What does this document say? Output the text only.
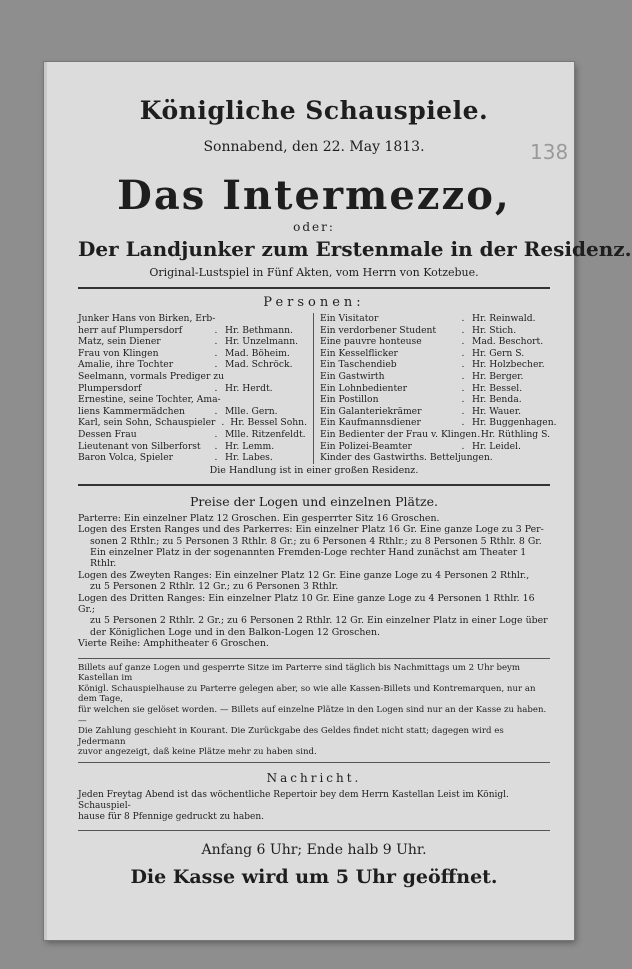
138
Königliche Schauspiele.
Sonnabend, den 22. May 1813.
Das Intermezzo,
oder:
Der Landjunker zum Erstenmale in der Residenz.
Original-Lustspiel in Fünf Akten, vom Herrn von Kotzebue.
Personen:
Junker Hans von Birken, Erb-
herr auf Plumpersdorf	. Hr. Bethmann.
Matz, sein Diener	. Hr. Unzelmann.
Frau von Klingen	. Mad. Böheim.
Amalie, ihre Tochter	. Mad. Schröck.
Seelmann, vormals Prediger zu
Plumpersdorf	. Hr. Herdt.
Ernestine, seine Tochter, Ama-
liens Kammermädchen	. Mlle. Gern.
Karl, sein Sohn, Schauspieler . Hr. Bessel Sohn.
Dessen Frau	. Mlle. Ritzenfeldt.
Lieutenant von Silberforst	. Hr. Lemm.
Baron Volca, Spieler	. Hr. Labes.
Ein Visitator	. Hr. Reinwald.
Ein verdorbener Student	. Hr. Stich.
Eine pauvre honteuse	. Mad. Beschort.
Ein Kesselflicker	. Hr. Gern S.
Ein Taschendieb	. Hr. Holzbecher.
Ein Gastwirth	. Hr. Berger.
Ein Lohnbedienter	. Hr. Bessel.
Ein Postillon	. Hr. Benda.
Ein Galanteriekrämer	. Hr. Wauer.
Ein Kaufmannsdiener	. Hr. Buggenhagen.
Ein Bedienter der Frau v. Klingen . Hr. Rüthling S.
Ein Polizei-Beamter	. Hr. Leidel.
Kinder des Gastwirths. Betteljungen.
Die Handlung ist in einer großen Residenz.
Preise der Logen und einzelnen Plätze.

Parterre: Ein einzelner Platz 12 Groschen. Ein gesperrter Sitz 16 Groschen.

Logen des Ersten Ranges und des Parkerres: Ein einzelner Platz 16 Gr. Eine ganze Loge zu 3 Per-

sonen 2 Rthlr.; zu 5 Personen 3 Rthlr. 8 Gr.; zu 6 Personen 4 Rthlr.; zu 8 Personen 5 Rthlr. 8 Gr.

Ein einzelner Platz in der sogenannten Fremden-Loge rechter Hand zunächst am Theater 1 Rthlr.

Logen des Zweyten Ranges: Ein einzelner Platz 12 Gr. Eine ganze Loge zu 4 Personen 2 Rthlr.,

zu 5 Personen 2 Rthlr. 12 Gr.; zu 6 Personen 3 Rthlr.

Logen des Dritten Ranges: Ein einzelner Platz 10 Gr. Eine ganze Loge zu 4 Personen 1 Rthlr. 16 Gr.;

zu 5 Personen 2 Rthlr. 2 Gr.; zu 6 Personen 2 Rthlr. 12 Gr. Ein einzelner Platz in einer Loge über

der Königlichen Loge und in den Balkon-Logen 12 Groschen.

Vierte Reihe: Amphitheater 6 Groschen.

Billets auf ganze Logen und gesperrte Sitze im Parterre sind täglich bis Nachmittags um 2 Uhr beym Kastellan im

Königl. Schauspielhause zu Parterre gelegen aber, so wie alle Kassen-Billets und Kontremarquen, nur an dem Tage,

für welchen sie gelöset worden. — Billets auf einzelne Plätze in den Logen sind nur an der Kasse zu haben. —

Die Zahlung geschieht in Kourant. Die Zurückgabe des Geldes findet nicht statt; dagegen wird es Jedermann

zuvor angezeigt, daß keine Plätze mehr zu haben sind.

Nachricht.

Jeden Freytag Abend ist das wöchentliche Repertoir bey dem Herrn Kastellan Leist im Königl. Schauspiel-

hause für 8 Pfennige gedruckt zu haben.

Anfang 6 Uhr; Ende halb 9 Uhr.
Die Kasse wird um 5 Uhr geöffnet.
